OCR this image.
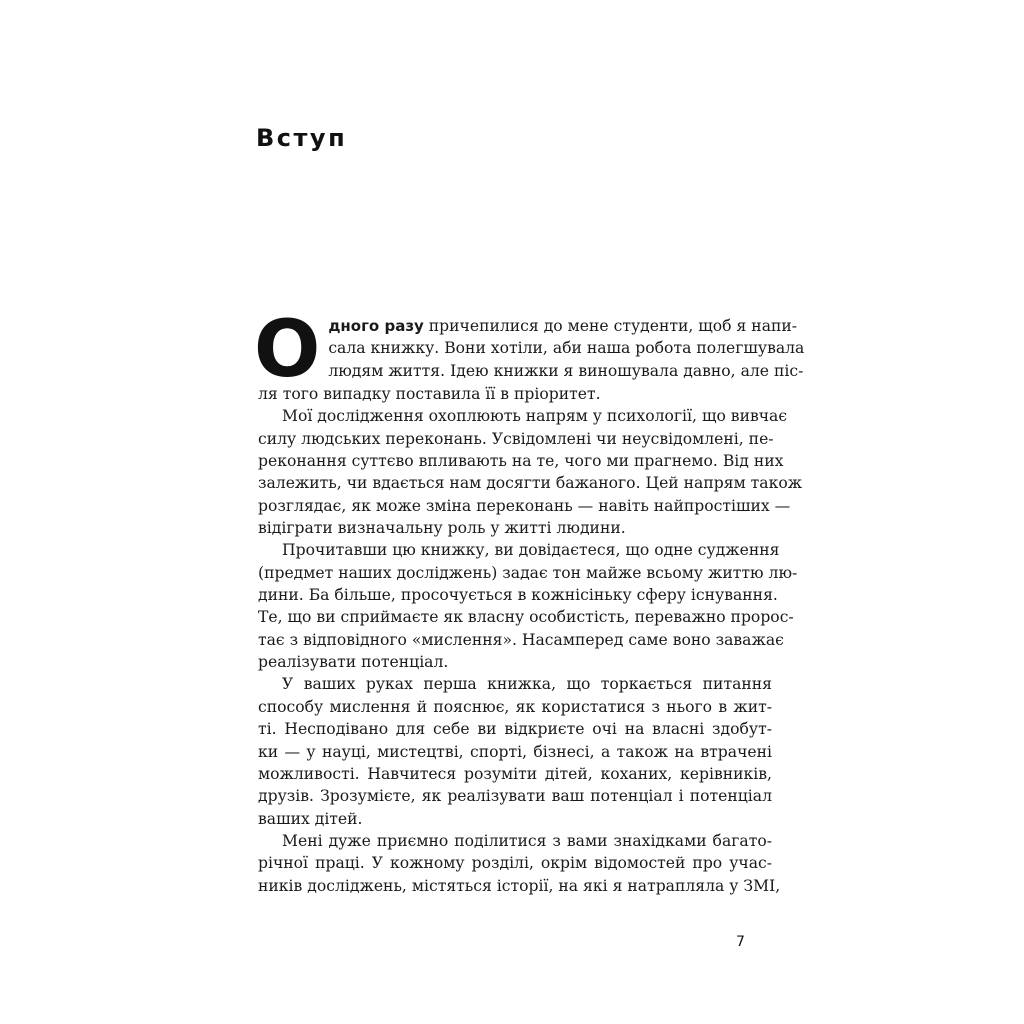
Вступ
О дного разу причепилися до мене студенти, щоб я напи-
сала книжку. Вони хотіли, аби наша робота полегшувала
людям життя. Ідею книжки я виношувала давно, але піс-
ля того випадку поставила її в пріоритет.
Мої дослідження охоплюють напрям у психології, що вивчає
силу людських переконань. Усвідомлені чи неусвідомлені, пе-
реконання суттєво впливають на те, чого ми прагнемо. Від них
залежить, чи вдається нам досягти бажаного. Цей напрям також
розглядає, як може зміна переконань — навіть найпростіших —
відіграти визначальну роль у житті людини.
Прочитавши цю книжку, ви довідаєтеся, що одне судження
(предмет наших досліджень) задає тон майже всьому життю лю-
дини. Ба більше, просочується в кожнісіньку сферу існування.
Те, що ви сприймаєте як власну особистість, переважно пророс-
тає з відповідного «мислення». Насамперед саме воно заважає
реалізувати потенціал.
У ваших руках перша книжка, що торкається питання
способу мислення й пояснює, як користатися з нього в жит-
ті. Несподівано для себе ви відкриєте очі на власні здобут-
ки — у науці, мистецтві, спорті, бізнесі, а також на втрачені
можливості. Навчитеся розуміти дітей, коханих, керівників,
друзів. Зрозумієте, як реалізувати ваш потенціал і потенціал
ваших дітей.
Мені дуже приємно поділитися з вами знахідками багато-
річної праці. У кожному розділі, окрім відомостей про учас-
ників досліджень, містяться історії, на які я натрапляла у ЗМІ,
7
